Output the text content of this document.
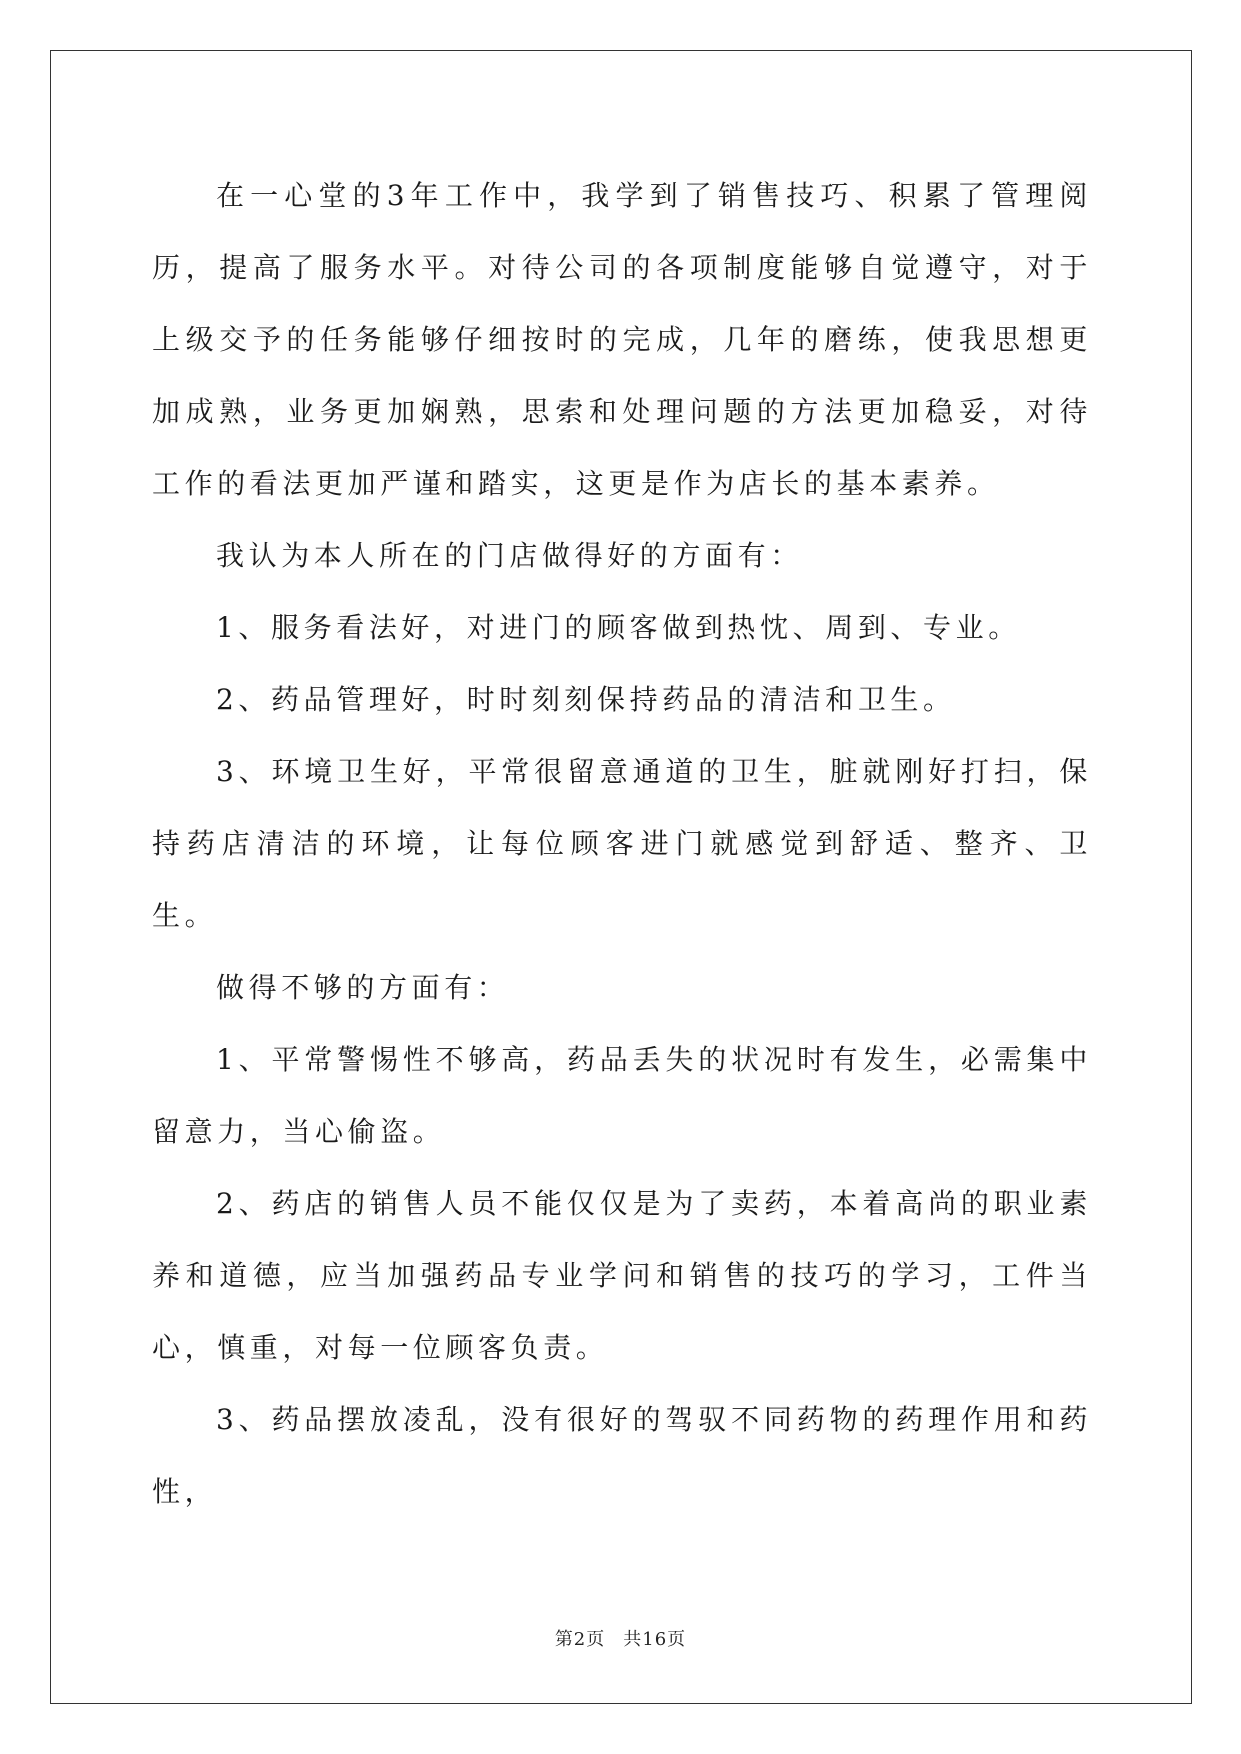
在一心堂的3年工作中，我学到了销售技巧、积累了管理阅历，提高了服务水平。对待公司的各项制度能够自觉遵守，对于上级交予的任务能够仔细按时的完成，几年的磨练，使我思想更加成熟，业务更加娴熟，思索和处理问题的方法更加稳妥，对待工作的看法更加严谨和踏实，这更是作为店长的基本素养。

我认为本人所在的门店做得好的方面有：

1、服务看法好，对进门的顾客做到热忱、周到、专业。

2、药品管理好，时时刻刻保持药品的清洁和卫生。

3、环境卫生好，平常很留意通道的卫生，脏就刚好打扫，保持药店清洁的环境，让每位顾客进门就感觉到舒适、整齐、卫生。

做得不够的方面有：

1、平常警惕性不够高，药品丢失的状况时有发生，必需集中留意力，当心偷盗。

2、药店的销售人员不能仅仅是为了卖药，本着高尚的职业素养和道德，应当加强药品专业学问和销售的技巧的学习，工件当心，慎重，对每一位顾客负责。

3、药品摆放凌乱，没有很好的驾驭不同药物的药理作用和药性，

第2页 共16页
